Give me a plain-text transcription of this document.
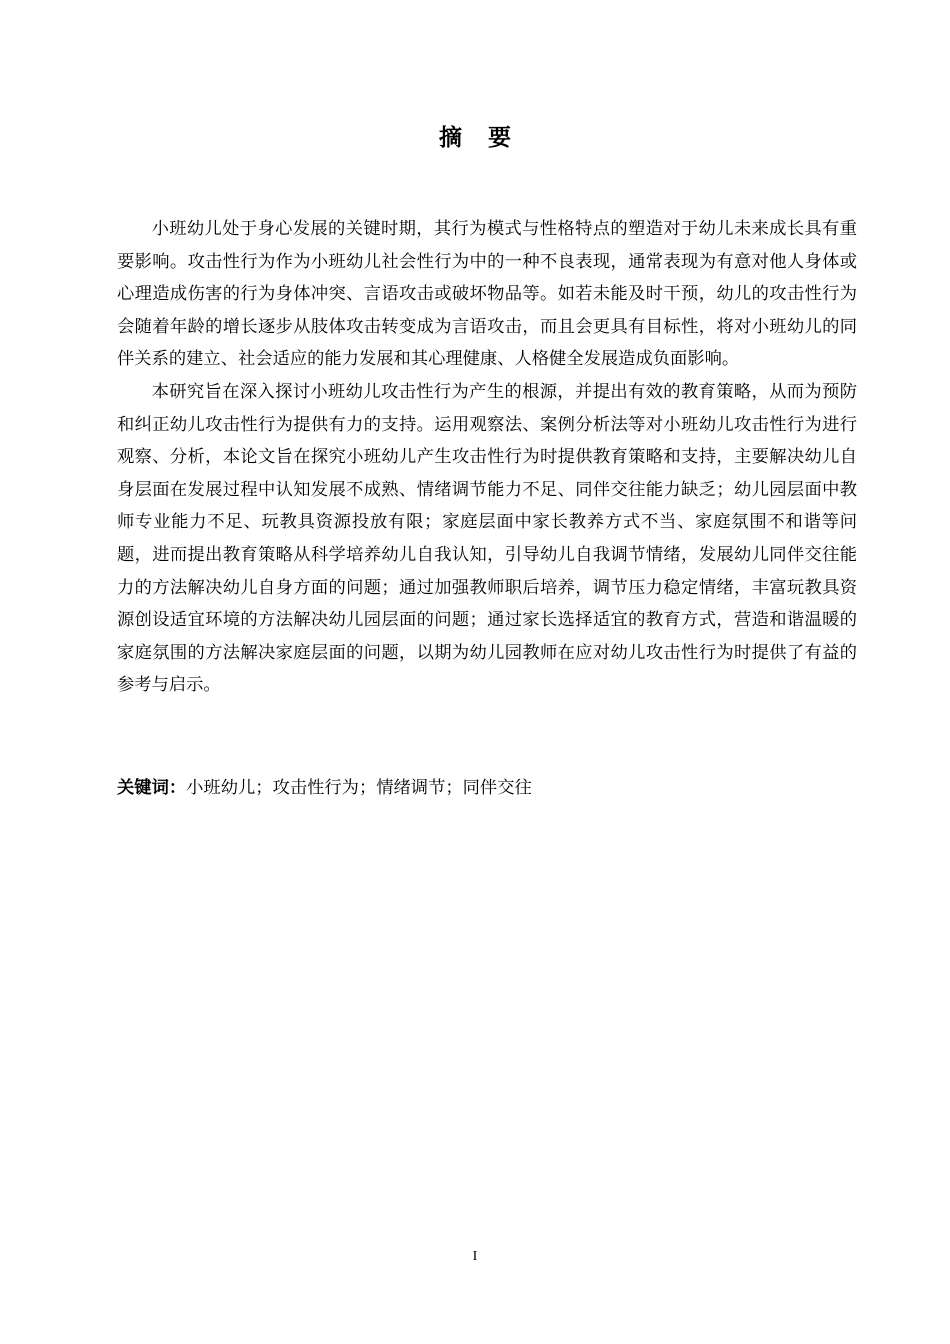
摘要

小班幼儿处于身心发展的关键时期，其行为模式与性格特点的塑造对于幼儿未来成长具有重要影响。攻击性行为作为小班幼儿社会性行为中的一种不良表现，通常表现为有意对他人身体或心理造成伤害的行为身体冲突、言语攻击或破坏物品等。如若未能及时干预，幼儿的攻击性行为会随着年龄的增长逐步从肢体攻击转变成为言语攻击，而且会更具有目标性，将对小班幼儿的同伴关系的建立、社会适应的能力发展和其心理健康、人格健全发展造成负面影响。

本研究旨在深入探讨小班幼儿攻击性行为产生的根源，并提出有效的教育策略，从而为预防和纠正幼儿攻击性行为提供有力的支持。运用观察法、案例分析法等对小班幼儿攻击性行为进行观察、分析，本论文旨在探究小班幼儿产生攻击性行为时提供教育策略和支持，主要解决幼儿自身层面在发展过程中认知发展不成熟、情绪调节能力不足、同伴交往能力缺乏；幼儿园层面中教师专业能力不足、玩教具资源投放有限；家庭层面中家长教养方式不当、家庭氛围不和谐等问题，进而提出教育策略从科学培养幼儿自我认知，引导幼儿自我调节情绪，发展幼儿同伴交往能力的方法解决幼儿自身方面的问题；通过加强教师职后培养，调节压力稳定情绪，丰富玩教具资源创设适宜环境的方法解决幼儿园层面的问题；通过家长选择适宜的教育方式，营造和谐温暖的家庭氛围的方法解决家庭层面的问题，以期为幼儿园教师在应对幼儿攻击性行为时提供了有益的参考与启示。

关键词：小班幼儿；攻击性行为；情绪调节；同伴交往
I
